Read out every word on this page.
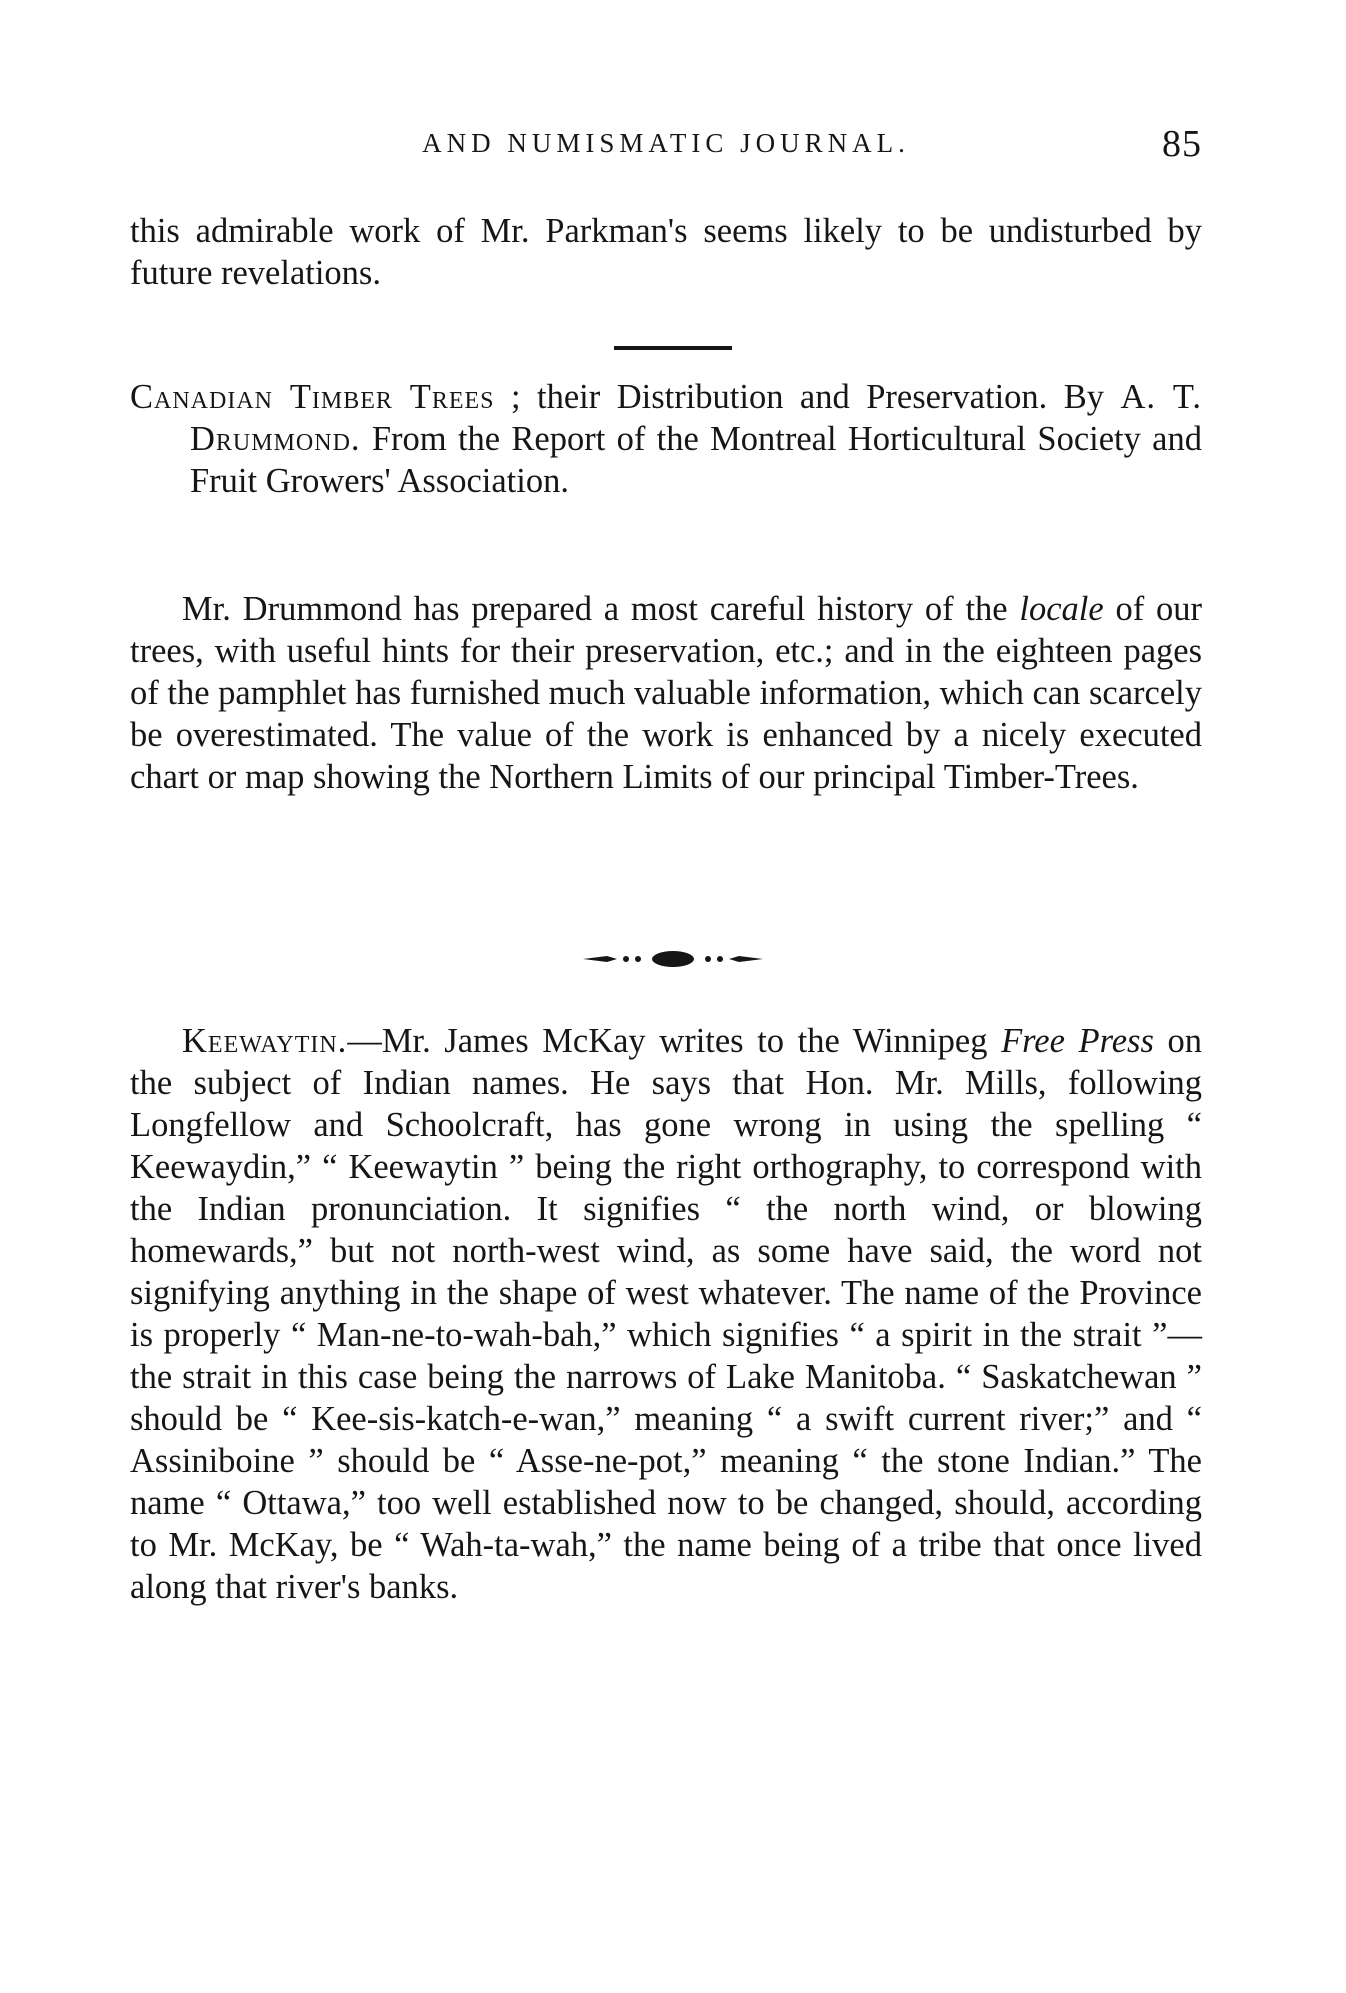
AND NUMISMATIC JOURNAL.	85

this admirable work of Mr. Parkman's seems likely to be undisturbed by future revelations.

Canadian Timber Trees ; their Distribution and Preservation. By A. T. Drummond. From the Report of the Montreal Horticultural Society and Fruit Growers' Association.

Mr. Drummond has prepared a most careful history of the locale of our trees, with useful hints for their preservation, etc.; and in the eighteen pages of the pamphlet has furnished much valuable information, which can scarcely be overestimated. The value of the work is enhanced by a nicely executed chart or map showing the Northern Limits of our principal Timber-Trees.

Keewaytin.—Mr. James McKay writes to the Winnipeg Free Press on the subject of Indian names. He says that Hon. Mr. Mills, following Longfellow and Schoolcraft, has gone wrong in using the spelling “ Keewaydin,” “ Keewaytin ” being the right orthography, to correspond with the Indian pronunciation. It signifies “ the north wind, or blowing homewards,” but not north-west wind, as some have said, the word not signifying anything in the shape of west whatever. The name of the Province is properly “ Man-ne-to-wah-bah,” which signifies “ a spirit in the strait ”—the strait in this case being the narrows of Lake Manitoba. “ Saskatchewan ” should be “ Kee-sis-katch-e-wan,” meaning “ a swift current river;” and “ Assiniboine ” should be “ Asse-ne-pot,” meaning “ the stone Indian.” The name “ Ottawa,” too well established now to be changed, should, according to Mr. McKay, be “ Wah-ta-wah,” the name being of a tribe that once lived along that river's banks.
